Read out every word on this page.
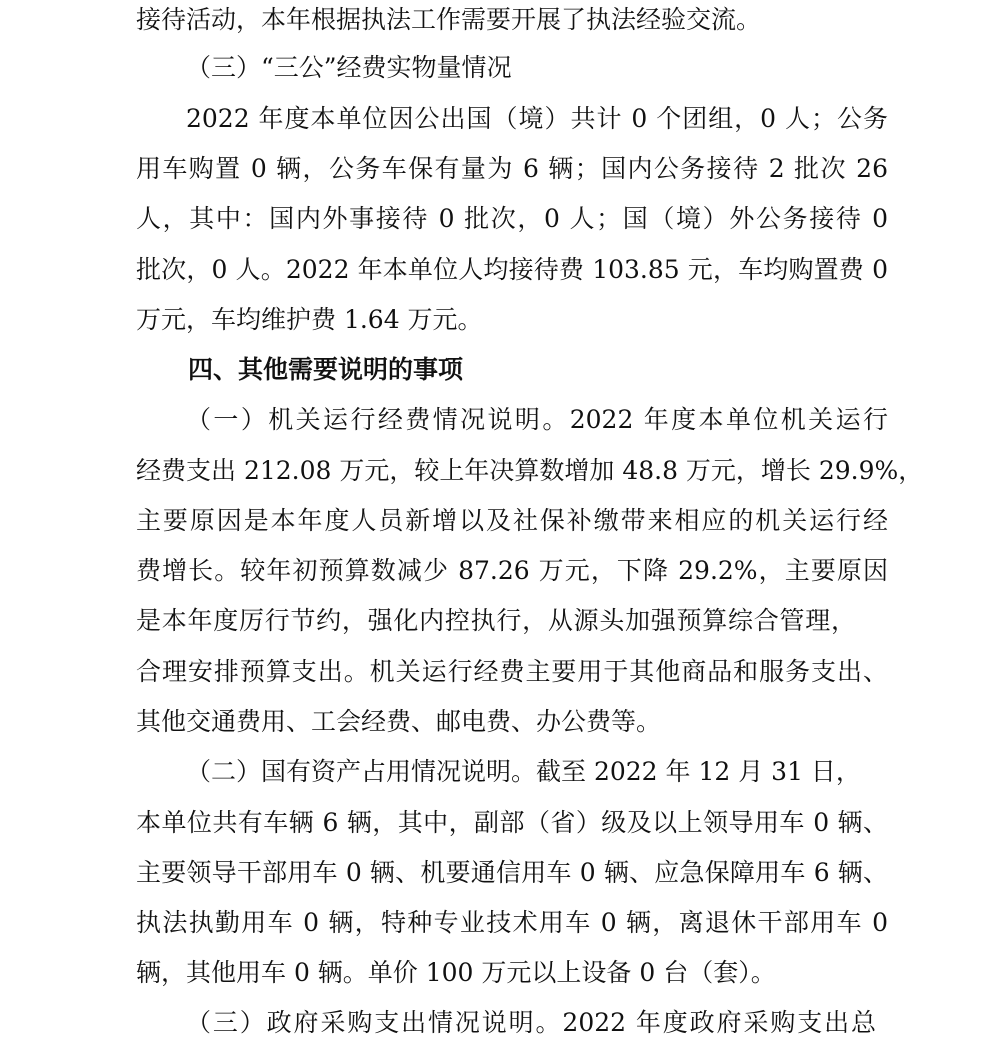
接待活动，本年根据执法工作需要开展了执法经验交流。
（三）“三公”经费实物量情况
2022 年度本单位因公出国（境）共计 0 个团组，0 人；公务
用车购置 0 辆，公务车保有量为 6 辆；国内公务接待 2 批次 26
人，其中：国内外事接待 0 批次，0 人；国（境）外公务接待 0
批次，0 人。2022 年本单位人均接待费 103.85 元，车均购置费 0
万元，车均维护费 1.64 万元。
四、其他需要说明的事项
（一）机关运行经费情况说明。2022 年度本单位机关运行
经费支出 212.08 万元，较上年决算数增加 48.8 万元，增长 29.9%，
主要原因是本年度人员新增以及社保补缴带来相应的机关运行经
费增长。较年初预算数减少 87.26 万元，下降 29.2%，主要原因
是本年度厉行节约，强化内控执行，从源头加强预算综合管理，
合理安排预算支出。机关运行经费主要用于其他商品和服务支出、
其他交通费用、工会经费、邮电费、办公费等。
（二）国有资产占用情况说明。截至 2022 年 12 月 31 日，
本单位共有车辆 6 辆，其中，副部（省）级及以上领导用车 0 辆、
主要领导干部用车 0 辆、机要通信用车 0 辆、应急保障用车 6 辆、
执法执勤用车 0 辆，特种专业技术用车 0 辆，离退休干部用车 0
辆，其他用车 0 辆。单价 100 万元以上设备 0 台（套）。
（三）政府采购支出情况说明。2022 年度政府采购支出总
